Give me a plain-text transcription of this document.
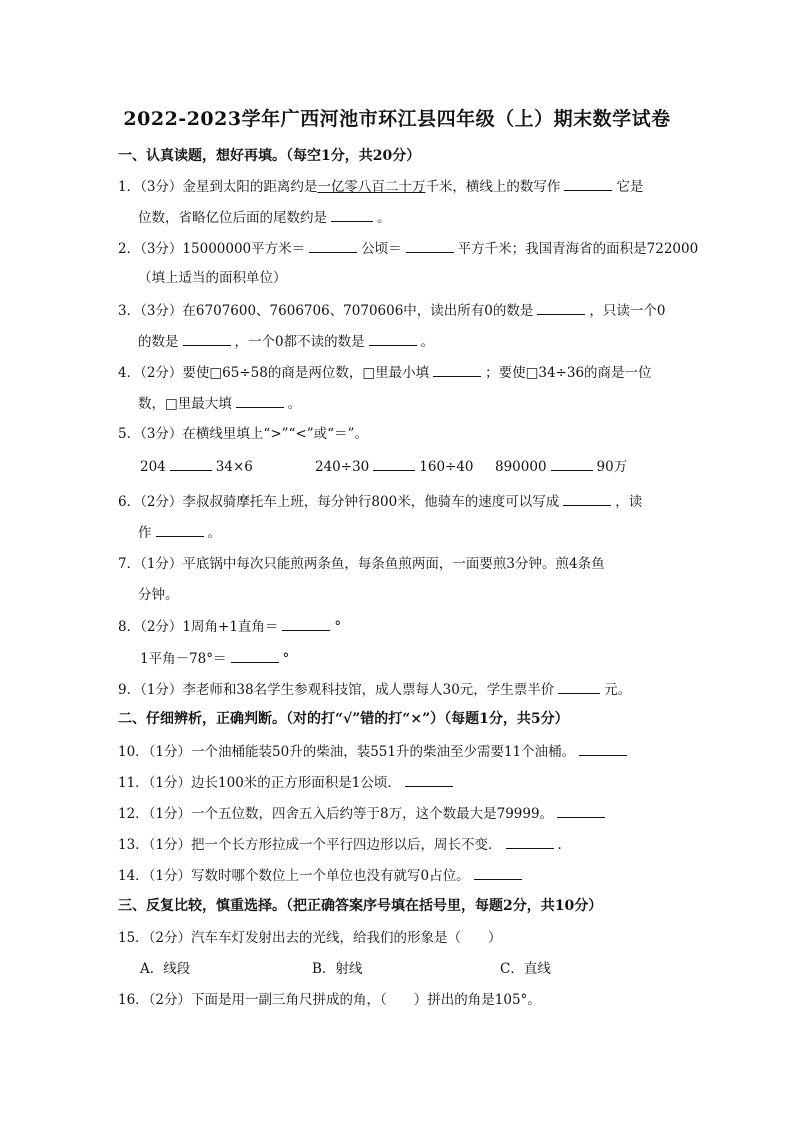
2022-2023学年广西河池市环江县四年级（上）期末数学试卷
一、认真读题，想好再填。（每空1分，共20分）
1．（3分）金星到太阳的距离约是一亿零八百二十万千米，横线上的数写作	它是
位数，省略亿位后面的尾数约是	。
2．（3分）15000000平方米＝	公顷＝	平方千米；我国青海省的面积是722000
（填上适当的面积单位）
3．（3分）在6707600、7606706、7070606中，读出所有0的数是	，只读一个0
的数是	，一个0都不读的数是	。
4．（2分）要使□65÷58的商是两位数，□里最小填	；要使□34÷36的商是一位
数，□里最大填	。
5．（3分）在横线里填上“>”“<”或“＝”。
204	34×6	240÷30	160÷40 890000	90万
6．（2分）李叔叔骑摩托车上班，每分钟行800米，他骑车的速度可以写成	，读
作	。
7．（1分）平底锅中每次只能煎两条鱼，每条鱼煎两面，一面要煎3分钟。煎4条鱼
分钟。
8．（2分）1周角+1直角＝	°
1平角－78°＝	°
9．（1分）李老师和38名学生参观科技馆，成人票每人30元，学生票半价	元。
二、仔细辨析，正确判断。（对的打“√”错的打“×”）（每题1分，共5分）
10．（1分）一个油桶能装50升的柴油，装551升的柴油至少需要11个油桶。
11．（1分）边长100米的正方形面积是1公顷．
12．（1分）一个五位数，四舍五入后约等于8万，这个数最大是79999。
13．（1分）把一个长方形拉成一个平行四边形以后，周长不变．	.
14．（1分）写数时哪个数位上一个单位也没有就写0占位。
三、反复比较，慎重选择。（把正确答案序号填在括号里，每题2分，共10分）
15．（2分）汽车车灯发射出去的光线，给我们的形象是（　　）
A．线段	B．射线	C．直线
16．（2分）下面是用一副三角尺拼成的角，（　　）拼出的角是105°。
